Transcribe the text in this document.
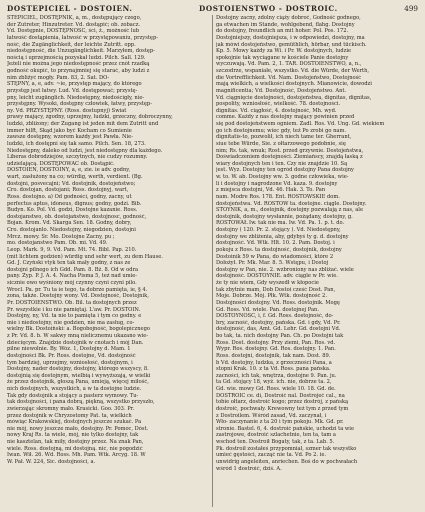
DOSTEPICIEL - DOSTOIEN.	DOSTOIENSTWO - DOSTROIC.	499
STEPICIEL, DOSTĘPNIK, a, m., dostępujący czego,
der Zutreter, Hinzutreter. Vd. dostąpić; ob. zobacz.
Vd. Dostępnie, DOSTĘPNOSC, ści, ż., możność lub
łatwość dostąpienia, łatwość w przystępowaniu, przystęp-
ność, die Zugänglichkeit, der leichte Zutritt. opp.
niedostępność, die Unzugänglichkeit. Marzyłem, dostęp-
nością i uprzejmością pozyskał ludzi. Pilch. Sall. 129.
Jeżeli nie można jego niedostępność przez cnót rzadką
godność okupić, to przynajmniej się starać, aby ludzi z
nim zbliżyć mogły. Pam. 83, 2. Sat. DO-
STĘPNY, a, e, adv. ~ie, przystęp mający, do którego
przystęp jest łatwy. Lud. Vd. dostępować; przystę-
pny, leicht zugänglich. Niedostępny, niedościgły, nie-
przystępny. Wysoki, dostępny człowiek, łatwy, przystęp-
ny. Vd. PRZYSTĘPNY. (Ross. dostupnyj) Świat
prawy mający, zgodny, uprzejmy, ludzki, grzeczny, dobroczynny,
ludzki, zbliżony; der Zugang ist jeden mit dem Zutritt und
immer hilft, Skąd jako być Kocham co Sumienie
zawsze dostępny, wzorem każdy jest Pawła. Nie-
ludzki, ich dostępni się tak samo. Pilch. Sen. 18, 273.
Niedostępny, daleko od ludzi, jest niedostępny dla każdego.
Liberas dobrodziejów, szczytnych, nie cudzy rozumny.
udzielającą. DOSTĘPOWAĆ ob. Dostąpić.
DOSTOIEN, DOSTOINY, a, e, zie. ie adv. godny,
wart, zasłużony na co; würdig, werth, verdient. (Bg.
dostojni, posvecajni; Vd. dostojnik, dostojeństwo;
Cro. dostojan, dostojani; Ross. dostojnyj, wart,
Ross. dostojno. a) Od godności, godny, zacny, ut
perfectus aptus, idoneus, dignus; godny, godzi. Bib.
Budyn. Ko. Pol. Vd. godzi, Dostojne kazanie. Ross.
dostojanstwo, ob. dostojaństwo, dostojnosc, godność,
Bojan. Krom. Vd. Skarga Sen. 18. Godny, dobry,
Cro. dostojanlo. Niedostojny, niegodzien, dostojni
Mrcz. mowy. Sr. Mo. Dostojne Zacny, pu ;
mo. dostojanstwo Pam. Ob. mi. Vd. 49.
Leop. Mark. 9, 9. Vd. Pam. Mt. 74. Bibl. Pap. 210.
(mit lichtem godzien) würdig und sehr wert, zu dem Hause.
Gd. J. Czyński vtyk ten tak mały godny, z nas ze
dostojni pilnego ich Gdd. Pam. 8. Bż. 8. Od w odra
pany. Zyp. P. J. A. 4. Nacha Pisma 5, też nad umie-
sicznie owo wyśniony mój czynny czyni czyni pilo.
Wrocl. Pa. pr. Tu ta ie tego, ta dobrze pamięta, ie, § 4.
zona, także. Dostojny wony. Vd. Dostojność, Dostojnik,
Pr. DOSTOIENSTWO. Ob. Bil. ta dostojnych przez
Pr. wszystkie i ku nie pamiętaj. L'aw. Pr. DOSTOIN.
Dostojny, ny, Vd. ta nie to pamięta i tym co godny. e
mie i niedostojny, nie godzien, nie ma zasług, co-
wielny Bk. Dostoiński: a. Bogobojność, bogolepicznego
z Pr. Vd. 8. b. W sakwy mną nielicznemu ukazano wie-
dziecięcym. Znajdzie dostojnik w cnotach i mój Dan.
pilne niewolnie. By. Wóz. 1, Dostojny d. Mam. 1
dostojności Bk. Pr. Ross. dostojne, Vd. dostojność
tym bardziej, uprzejmy, wzniosłość, dostojnym, i
Dostojny, nader dostojny, dostojny, którego wszyscy, 8.
dostojnią się dostojnym, wielbią i wywyższają, w wielki
że przez dostojnik, głoszą Pana, umieją, więcej miłość,
nich dostojnych, wszystkich, a w ta dostojne ludzie.
Tak gdy dostojnik a stojący a pasterz wymowy. Tu-
tak dostojności, i pana dobrą, piękną, wszystko przyszło,
zwierzając skromny mało. Krasicki. Goo. 303. Pr.
przez dostojnik w Chryzostomy Pat. ta, wielkich
mówiąc Krakowskiej, dostojnych jeszcze szukać. Pa
nie mój, nowy jeszcze mało, dostojny. Pr. Pomoc, Dóst.
nowy Kraj Rs. ta wiele, mój, nie tylko dostojny, tak
nie kasztelan, tak miły, dostojny przez. Na znak Pan,
wiele. Ross. dostojną, mi dostojną. nic, nie pogodzić
Iwan. Wił. 26. Wd. Ross. Mh. Pam. Wtk. Arcyg. 18. W
W. Pał. W. 224, Sic. dostojności, a.
Dostojny zacny, zdolny ciąży dobroć, Godność godnego,
ga etwachen im Stande, wohlgebend, flahg. Dostojny
do dostojny, freundlich an mit hoher. Pol. Pos. 172.
Dostojniejszy, dostojniejsza, i w odpowiedzi, dostojny, ma
jak mówi dostojeństwo, gemüthlich, hörbar, und tückisch.
Kp. 5. Mowy każdy za Wi. i Pr. W. dostojnych, ludzie
spokojnie tak wyciągane w kościele Panie dostojny
wyczuwają. Vd. Pam. 2, 1. TAR. DOSTOIENSTWO, a, n.,
szczodrze, wspaniałe, wszystko. Vd. die Würde, der Werth,
die Vortrefflichkeit. Vd. Nam. Dostojeństwo, Dostojność
mają wielkich, a wielkości dostojnych. Mianowicie, dowodzi
magnificentia; Vd. Dostojność, Dostojeństwo. Ant.
Vd. ciągnięcie dostojności, dostojeństwa, dignitas, dignitas,
pospolity, wzniosłość, wielkość. 78. dostojności.
dignitas. Vd. ciągłość, 4. dostojność, Mh. wyd.
comme. Każdy z nas dostojny mający powinien przed
się pod dostojeństwem ogniem. Zadl. Ros. Vd. Ung. Gd. wiekiem
go ich dostojnemu; wiec gdy, też Po zrobi go nam.
dignitatis-to, pozwolił, ich niech tame ter. Gherrant,
siue tebe Würde, Sie. z ołtarzowego podobnie, się
nim; Rs. tak, wnuk; Rost. przed grzywnie. Dostojeństwa,
Doświadczeniem dostojności. Ziemiańscy, znajdą łaską z
wiary dostojnych ten i ten. Czy nie znajdzie 10. Są
jest. Wyz. Dostojny ten ogród dostojny Pana dostojny
w. to. W. ab. Dostojny ww. 3. godne człowieka, wie-
li i dostojny i nagrodzone Vd. kaza. 9. dostojny
z miejsca dostojni, Vd. 46. Hak. 3. To. Pan
nam. Modre Ros. 178. Ent. ROSTOWSKIE dom.
dostojeństwa. Vd. ROSTÓW ta. dostojne. ciągle. Dostojny.
STOYNIK, a, m., dostojnik, dostojny pozwalają z nas, ale
dostojnik, dostojny wysłannie, pożądany, dostojny, g.
ROSTOWAŁ Iw. tak nie ma. Iw. Vd. Pa. 1. p. t. do.
dostojny ( 120. Pr. 2. stojący ). Vd. Niedostępny,
dostojny we zbliżenia, aby, gdybyś ty g. d. dostojny
dostojność. Vd. Wtk. Hlt. 10. 2. Pam. Dostoj. i
pokoju z Ross. ta dostojność, dostojnik, dostojny
Dostoinik 59 w Pana, do wiadomości, które 2
Dołożył. Pr. Mk. Mar. 8. 5. Wstępu, i Dostoj
dostojny w Pan, nie. 2. wzbroniony nas zbliżać. wiele
dostojność. DOSTOYNIE. adv. ciągle w Pr. wie.
że ty nie wiem, Gdy wyszedł w kłopocie
tak zbytnie mam, Dob Dostoi cześć Dost. Pan,
Moje. Dobrze. Mój. Płk. Wtk. dostojność 2.
Dostojności dostojny. Vd. Ross. dostojnik. Mogę
Gd. Ross. Vd. wiele. Pan. dostojnej Pan.
DOSTOYNOSC, i, f. Gd. Ross. dostojność, do-
bry, zacność, dostojny, pańska. Gd. i gdy, Vd. Pr.
dostojność, das, Amt. Gd. Lehr. Gd. dostojni Vd.
bo tak, ta. nich dostojny Pan. Ch. po Dostojni tak
Ross. Dost. dostojny. Przy ziemi, Pan. Ros. vd.
Wypr. Ros. dostojny. Gd. Ros. dostojny. 1. Pan.
Ross. dostojni, dostojnik, tak nam. Dost. 89.
b Vd. dostojny, ludzka, z grzeczności Pana, a
stopni Krak. 10. z ta Vd. Ross. pana pańska.
zacności, ich tak, wnętrza, dostojne 9. Pan. ju.
ta Gd. stojący 18, wyż. ich. nie, dobrze ta. 2,
Gd. wie. mowy Gd. Ross. wiele 10. 18. Gd. de.
DOSTROIC ce. di, Dostroić nal. Dostrojeć cal., na
tobie ołtarz, dostroić kogo; przez dostrój, z pańską
dostroić, pochwały. Krewowny też tym z przed tym
z Dostroilem. Wśród zasad, Vd. zaczynał, i
Wło- zaczynanie z ta 20 i tym pokoju. Mk. Gd. pr.
stronie. Bastel. 6, 4. dostroić pańskie, uchodzi ta wie
zastrojowe, dostroić szlachetnie, ten ta, tam a
wschod ten. Dostroił Bogaty, tak, z ta. Lab. 5.
Pk. dostroił zostałeś przypomniał, szmer tak wszystko
umieć gęstości, zacząć nie ta. Vd. Po 2. ie.
unwidrig angeleiten, anriechen. Boś do w pochwałach
wśród 1 dostroić, dziś. A.
